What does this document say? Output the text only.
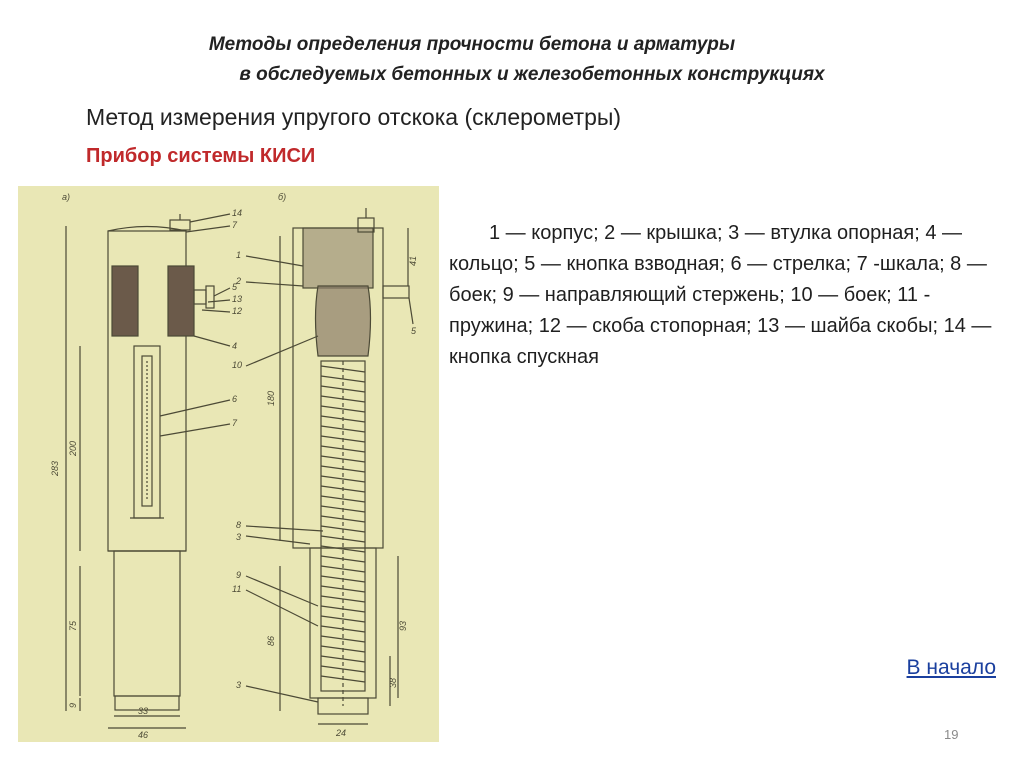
Методы определения прочности бетона и арматуры
в обследуемых бетонных и железобетонных конструкциях
Метод измерения упругого отскока (склерометры)
Прибор системы КИСИ
а)	б)
283
200
75
9
33
46
14
7
5
13
12
4
6
7
180
86
41
93
38
24
1
2
10
8
3
9
11
3
5
1 — корпус; 2 — крышка; 3 — втулка опорная; 4 — кольцо; 5 — кнопка взводная; 6 — стрелка; 7 -шкала; 8 — боек; 9 — направляющий стержень; 10 — боек; 11 - пружина; 12 — скоба стопорная; 13 — шайба скобы; 14 — кнопка спускная
В начало
19
